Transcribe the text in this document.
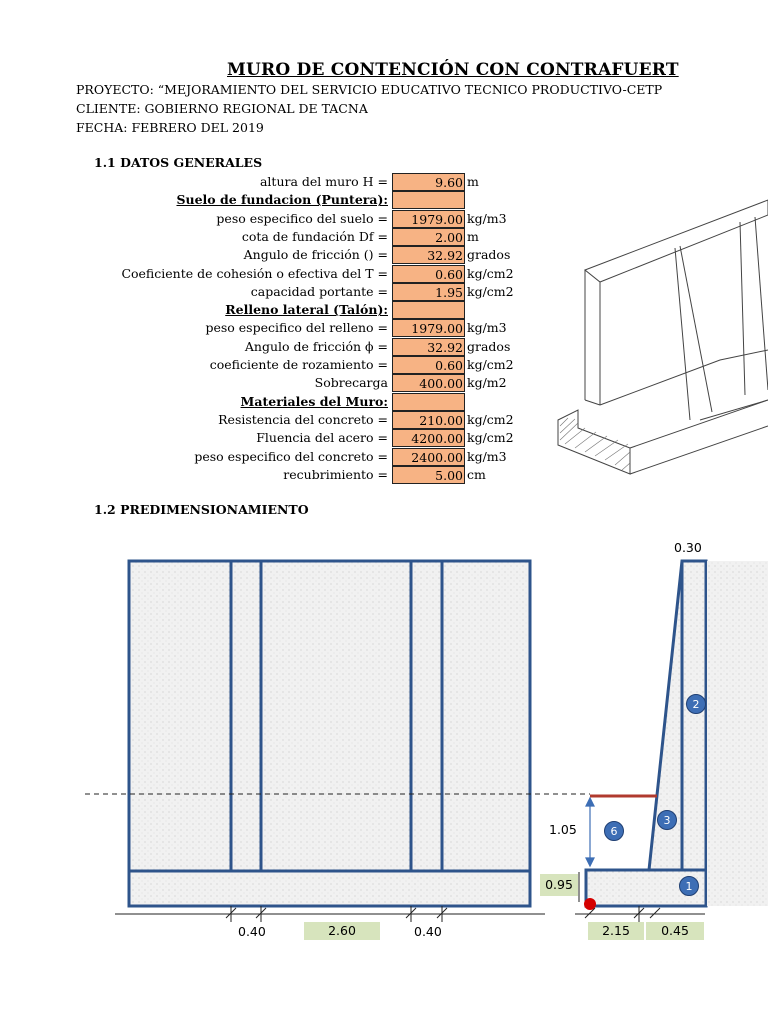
MURO DE CONTENCIÓN CON CONTRAFUERT
PROYECTO: “MEJORAMIENTO DEL SERVICIO EDUCATIVO TECNICO PRODUCTIVO-CETP
CLIENTE: GOBIERNO REGIONAL DE TACNA
FECHA: FEBRERO DEL 2019
1.1 DATOS GENERALES
altura del muro H =	9.60 m
Suelo de fundacion (Puntera):
peso especifico del suelo =	1979.00 kg/m3
cota de fundación Df =	2.00 m
Angulo de fricción () =	32.92 grados
Coeficiente de cohesión o efectiva del T =	0.60 kg/cm2
capacidad portante =	1.95 kg/cm2
Relleno lateral (Talón):
peso especifico del relleno =	1979.00 kg/m3
Angulo de fricción ϕ =	32.92 grados
coeficiente de rozamiento =	0.60 kg/cm2
Sobrecarga	400.00 kg/m2
Materiales del Muro:
Resistencia del concreto =	210.00 kg/cm2
Fluencia del acero =	4200.00 kg/cm2
peso especifico del concreto =	2400.00 kg/m3
recubrimiento =	5.00 cm
1.2 PREDIMENSIONAMIENTO
0.40	2.60	0.40
0.30
1.05
0.95
2.15	0.45
1
2
3
6
